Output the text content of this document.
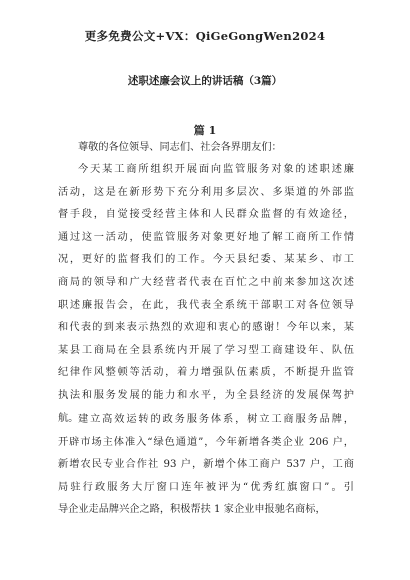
更多免费公文+VX：QiGeGongWen2024
述职述廉会议上的讲话稿（3篇）
篇 1
尊敬的各位领导、同志们、社会各界朋友们：
今天某工商所组织开展面向监管服务对象的述职述廉
活动，这是在新形势下充分利用多层次、多渠道的外部监
督手段，自觉接受经营主体和人民群众监督的有效途径，
通过这一活动，使监管服务对象更好地了解工商所工作情
况，更好的监督我们的工作。今天县纪委、某某乡、市工
商局的领导和广大经营者代表在百忙之中前来参加这次述
职述廉报告会，在此，我代表全系统干部职工对各位领导
和代表的到来表示热烈的欢迎和衷心的感谢！今年以来，某
某县工商局在全县系统内开展了学习型工商建设年、队伍
纪律作风整顿等活动，着力增强队伍素质，不断提升监管
执法和服务发展的能力和水平，为全县经济的发展保驾护
航。 建立高效运转的政务服务体系，树立工商服务品牌，
开辟市场主体准入“绿色通道”，今年新增各类企业 206 户，
新增农民专业合作社 93 户，新增个体工商户 537 户，工商
局驻行政服务大厅窗口连年被评为“优秀红旗窗口”。引
导企业走品牌兴企之路，积极帮扶 1 家企业申报驰名商标，
